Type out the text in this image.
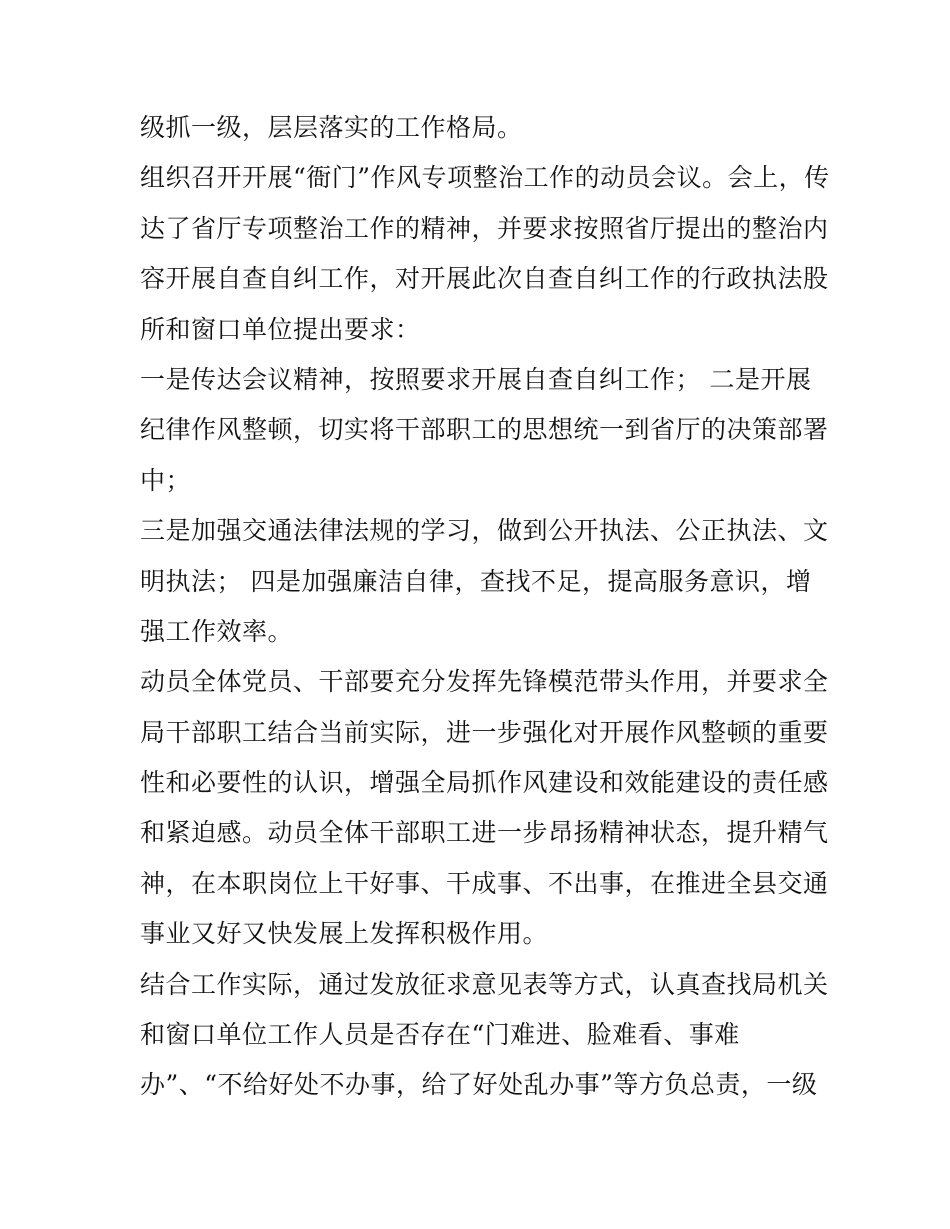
级抓一级，层层落实的工作格局。
组织召开开展“衙门”作风专项整治工作的动员会议。会上，传
达了省厅专项整治工作的精神，并要求按照省厅提出的整治内
容开展自查自纠工作，对开展此次自查自纠工作的行政执法股
所和窗口单位提出要求：
一是传达会议精神，按照要求开展自查自纠工作； 二是开展
纪律作风整顿，切实将干部职工的思想统一到省厅的决策部署
中；
三是加强交通法律法规的学习，做到公开执法、公正执法、文
明执法； 四是加强廉洁自律，查找不足，提高服务意识，增
强工作效率。
动员全体党员、干部要充分发挥先锋模范带头作用，并要求全
局干部职工结合当前实际，进一步强化对开展作风整顿的重要
性和必要性的认识，增强全局抓作风建设和效能建设的责任感
和紧迫感。动员全体干部职工进一步昂扬精神状态，提升精气
神，在本职岗位上干好事、干成事、不出事，在推进全县交通
事业又好又快发展上发挥积极作用。
结合工作实际，通过发放征求意见表等方式，认真查找局机关
和窗口单位工作人员是否存在“门难进、脸难看、事难
办”、“不给好处不办事，给了好处乱办事”等方负总责，一级
